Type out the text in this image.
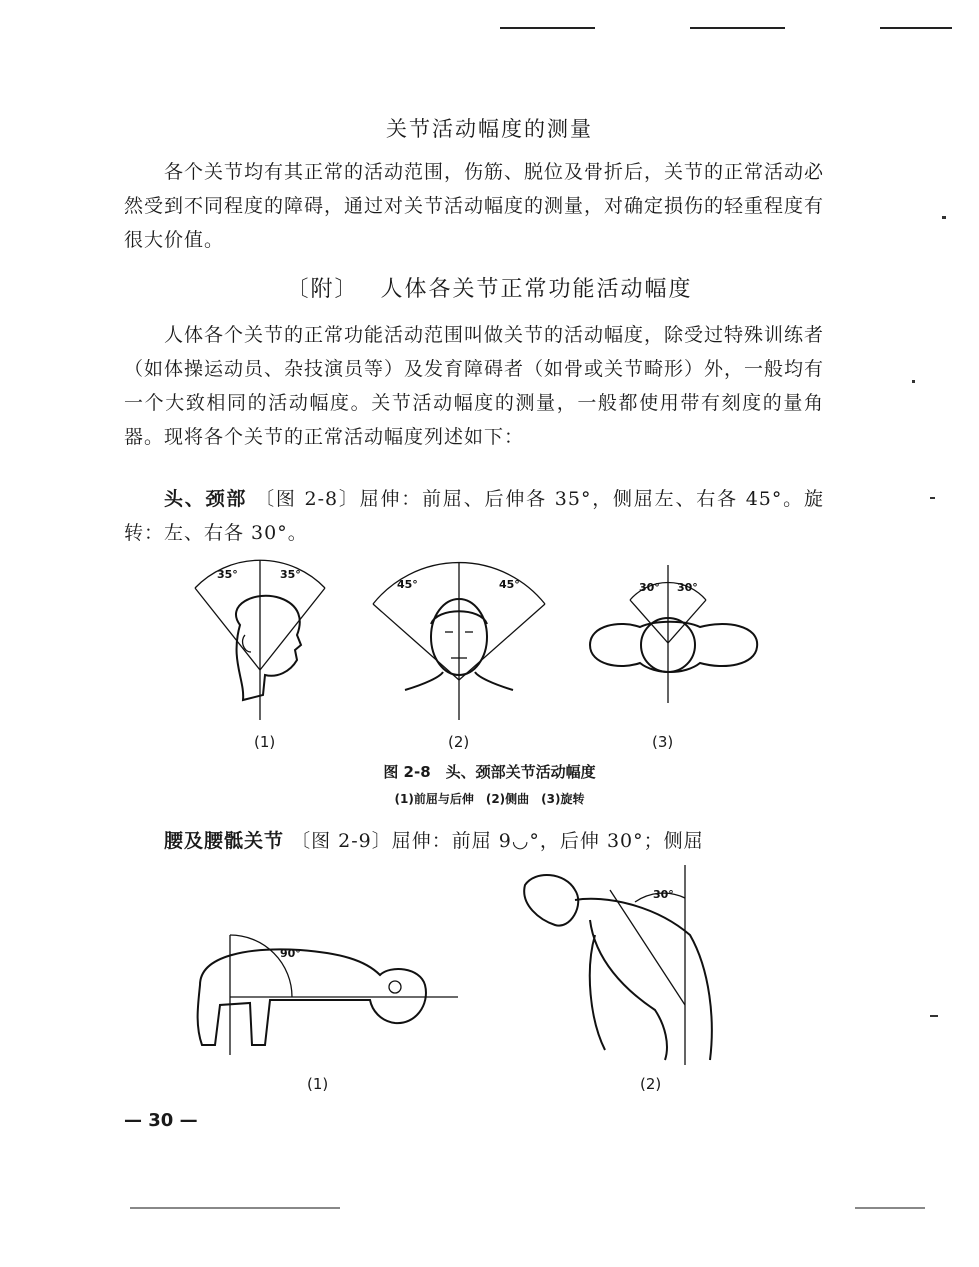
关节活动幅度的测量
各个关节均有其正常的活动范围，伤筋、脱位及骨折后，关节的正常活动必然受到不同程度的障碍，通过对关节活动幅度的测量，对确定损伤的轻重程度有很大价值。
〔附〕 人体各关节正常功能活动幅度
人体各个关节的正常功能活动范围叫做关节的活动幅度，除受过特殊训练者（如体操运动员、杂技演员等）及发育障碍者（如骨或关节畸形）外，一般均有一个大致相同的活动幅度。关节活动幅度的测量，一般都使用带有刻度的量角器。现将各个关节的正常活动幅度列述如下：
头、颈部 〔图 2-8〕屈伸：前屈、后伸各 35°，侧屈左、右各 45°。旋转：左、右各 30°。
35°	35°
45°	45°	30° 30°
(1)	(2)	(3)
图 2-8　头、颈部关节活动幅度
(1)前屈与后伸　(2)侧曲　(3)旋转
腰及腰骶关节 〔图 2-9〕屈伸：前屈 9◡°，后伸 30°；侧屈
90°
30°
(1)	(2)
— 30 —
